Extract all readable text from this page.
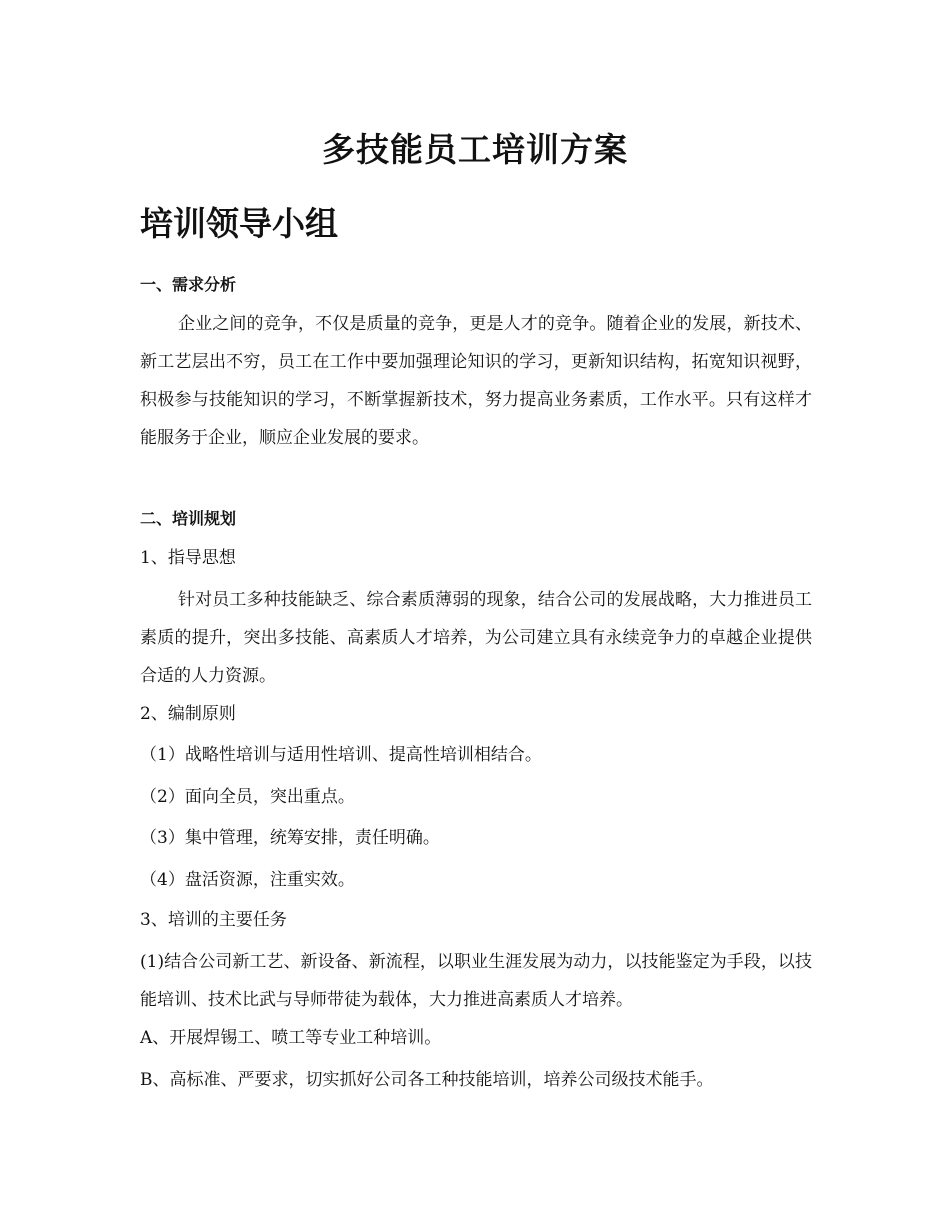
多技能员工培训方案
培训领导小组
一、需求分析

企业之间的竞争，不仅是质量的竞争，更是人才的竞争。随着企业的发展，新技术、新工艺层出不穷，员工在工作中要加强理论知识的学习，更新知识结构，拓宽知识视野，积极参与技能知识的学习，不断掌握新技术，努力提高业务素质，工作水平。只有这样才能服务于企业，顺应企业发展的要求。

二、培训规划
1、指导思想

针对员工多种技能缺乏、综合素质薄弱的现象，结合公司的发展战略，大力推进员工素质的提升，突出多技能、高素质人才培养，为公司建立具有永续竞争力的卓越企业提供合适的人力资源。

2、编制原则
（1）战略性培训与适用性培训、提高性培训相结合。
（2）面向全员，突出重点。
（3）集中管理，统筹安排，责任明确。
（4）盘活资源，注重实效。
3、培训的主要任务

(1)结合公司新工艺、新设备、新流程，以职业生涯发展为动力，以技能鉴定为手段，以技能培训、技术比武与导师带徒为载体，大力推进高素质人才培养。

A、开展焊锡工、喷工等专业工种培训。
B、高标准、严要求，切实抓好公司各工种技能培训，培养公司级技术能手。
